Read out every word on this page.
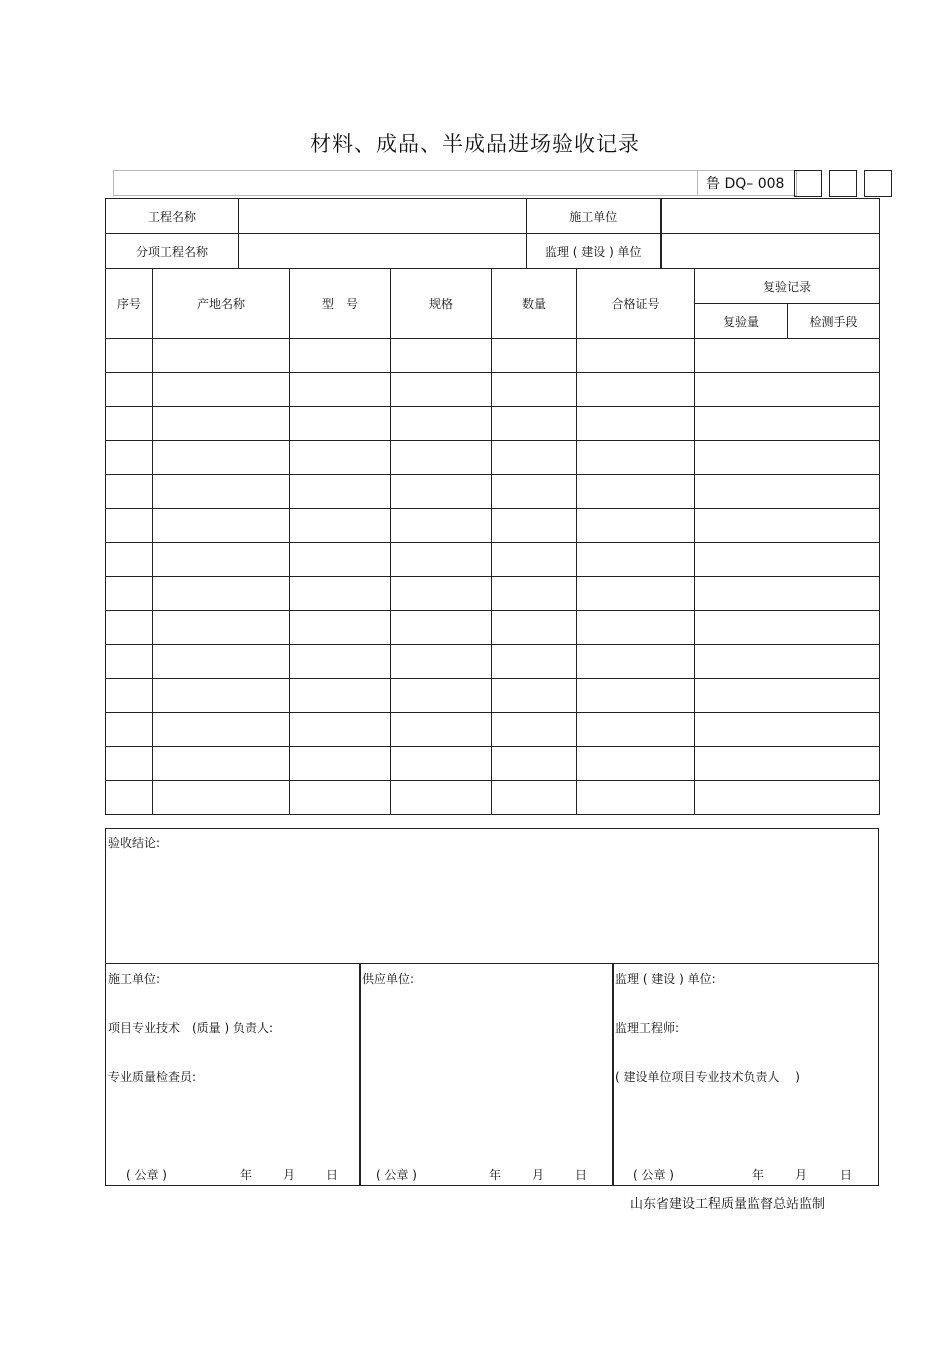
材料、成品、半成品进场验收记录
鲁 DQ– 008
工程名称		施工单位		
分项工程名称		监理 ( 建设 ) 单位		
序号	产地名称	型　号	规格	数量	合格证号	复验记录	
						复验量	检测手段

验收结论:
施工单位:
项目专业技术　(质量 ) 负责人:
专业质量检查员:
( 公章 )	年	月	日
供应单位:
( 公章 )	年	月	日
监理 ( 建设 ) 单位:
监理工程师:
( 建设单位项目专业技术负责人　 )
( 公章 )	年	月	日
山东省建设工程质量监督总站监制
